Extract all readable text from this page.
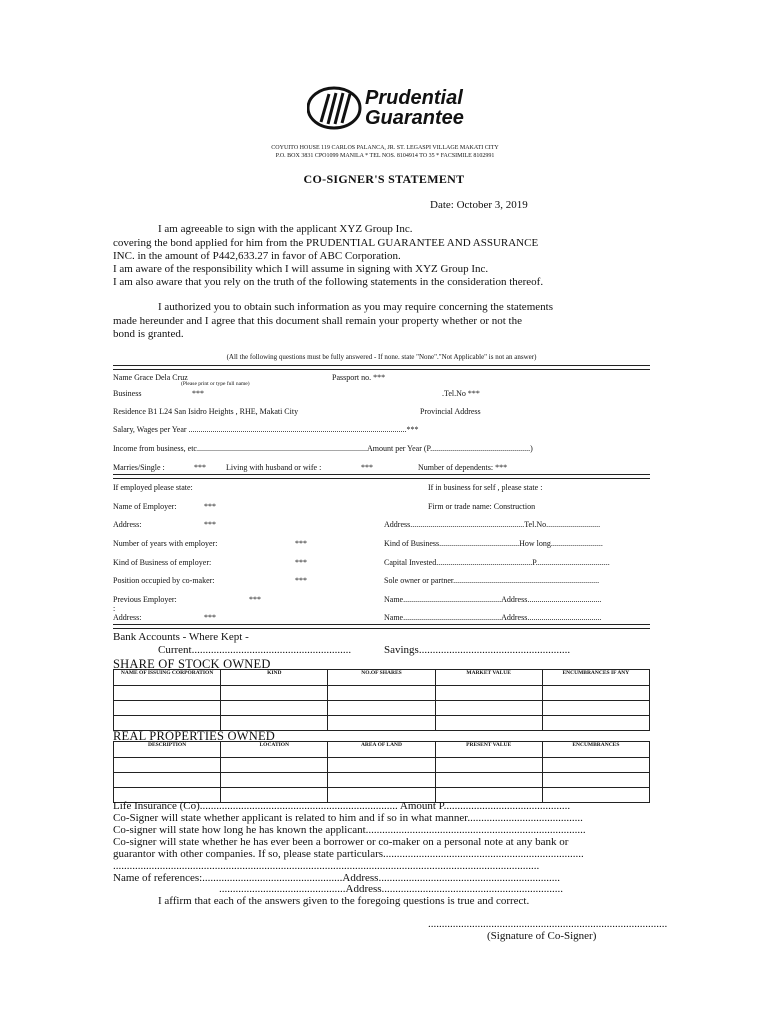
Prudential
Guarantee
COYUITO HOUSE 119 CARLOS PALANCA, JR. ST. LEGASPI VILLAGE MAKATI CITY
P.O. BOX 3831 CPO1099 MANILA * TEL NOS. 8104914 TO 35 * FACSIMILE 8102991
CO-SIGNER'S STATEMENT
Date: October 3, 2019
I am agreeable to sign with the applicant XYZ Group Inc.
covering the bond applied for him from the PRUDENTIAL GUARANTEE AND ASSURANCE
INC. in the amount of P442,633.27 in favor of ABC Corporation.
I am aware of the responsibility which I will assume in signing with XYZ Group Inc.
I am also aware that you rely on the truth of the following statements in the consideration thereof.
I authorized you to obtain such information as you may require concerning the statements
made hereunder and I agree that this document shall remain your property whether or not the
bond is granted.
(All the following questions must be fully answered - If none. state "None"."Not Applicable" is not an answer)
Name Grace Dela Cruz
(Please print or type full name)
Passport no. ***
Business	***	.Tel.No ***
Residence B1 L24 San Isidro Heights , RHE, Makati City	Provincial Address
Salary, Wages per Year .............................................................................................................***
Income from business, etc.....................................................................................Amount per Year (P..................................................)
Marries/Single :	***	Living with husband or wife :	***	Number of dependents: ***
If employed please state:
Name of Employer:	***
Address:	***
Number of years with employer:	***
Kind of Business of employer:	***
Position occupied by co-maker:	***
Previous Employer:	***
:
Address:	***
If in business for self , please state :
Firm or trade name: Construction
Address.........................................................Tel.No...........................
Kind of Business........................................How long..........................
Capital Invested................................................P.....................................
Sole owner or partner.........................................................................
Name.................................................Address.....................................
Name.................................................Address.....................................
Bank Accounts - Where Kept -
Current..........................................................	Savings.......................................................
SHARE OF STOCK OWNED
NAME OF ISSUING CORPORATION	KIND	NO.OF SHARES	MARKET VALUE	ENCUMBRANCES IF ANY

REAL PROPERTIES OWNED
DESCRIPTION	LOCATION	AREA OF LAND	PRESENT VALUE	ENCUMBRANCES

Life Insurance (Co)........................................................................ Amount P..............................................
Co-Signer will state whether applicant is related to him and if so in what manner..........................................
Co-signer will state how long he has known the applicant................................................................................
Co-signer will state whether he has ever been a borrower or co-maker on a personal note at any bank or
guarantor with other companies. If so, please state particulars.........................................................................
...........................................................................................................................................................
Name of references:...................................................Address..................................................................
..............................................Address..................................................................
I affirm that each of the answers given to the foregoing questions is true and correct.
.......................................................................................
(Signature of Co-Signer)
